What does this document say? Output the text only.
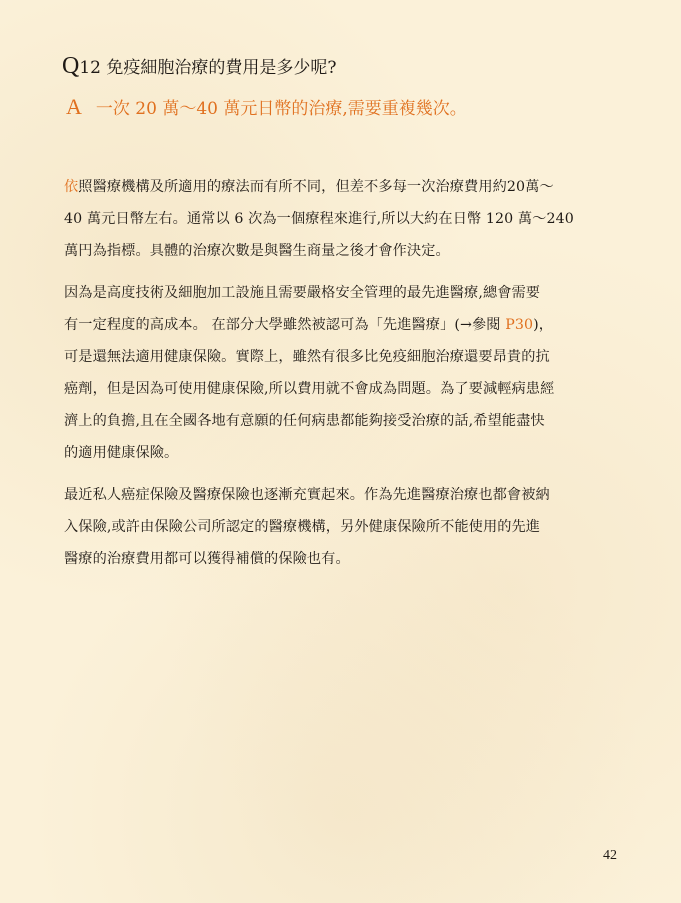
Q12 免疫細胞治療的費用是多少呢?
A 一次 20 萬～40 萬元日幣的治療,需要重複幾次。

依照醫療機構及所適用的療法而有所不同，但差不多每一次治療費用約20萬～
40 萬元日幣左右。通常以 6 次為一個療程來進行,所以大約在日幣 120 萬～240
萬円為指標。具體的治療次數是與醫生商量之後才會作決定。

因為是高度技術及細胞加工設施且需要嚴格安全管理的最先進醫療,總會需要
有一定程度的高成本。 在部分大學雖然被認可為「先進醫療」(→參閱 P30)，
可是還無法適用健康保險。實際上，雖然有很多比免疫細胞治療還要昂貴的抗
癌劑，但是因為可使用健康保險,所以費用就不會成為問題。為了要減輕病患經
濟上的負擔,且在全國各地有意願的任何病患都能夠接受治療的話,希望能盡快
的適用健康保險。

最近私人癌症保險及醫療保險也逐漸充實起來。作為先進醫療治療也都會被納
入保險,或許由保險公司所認定的醫療機構，另外健康保險所不能使用的先進
醫療的治療費用都可以獲得補償的保險也有。

42
